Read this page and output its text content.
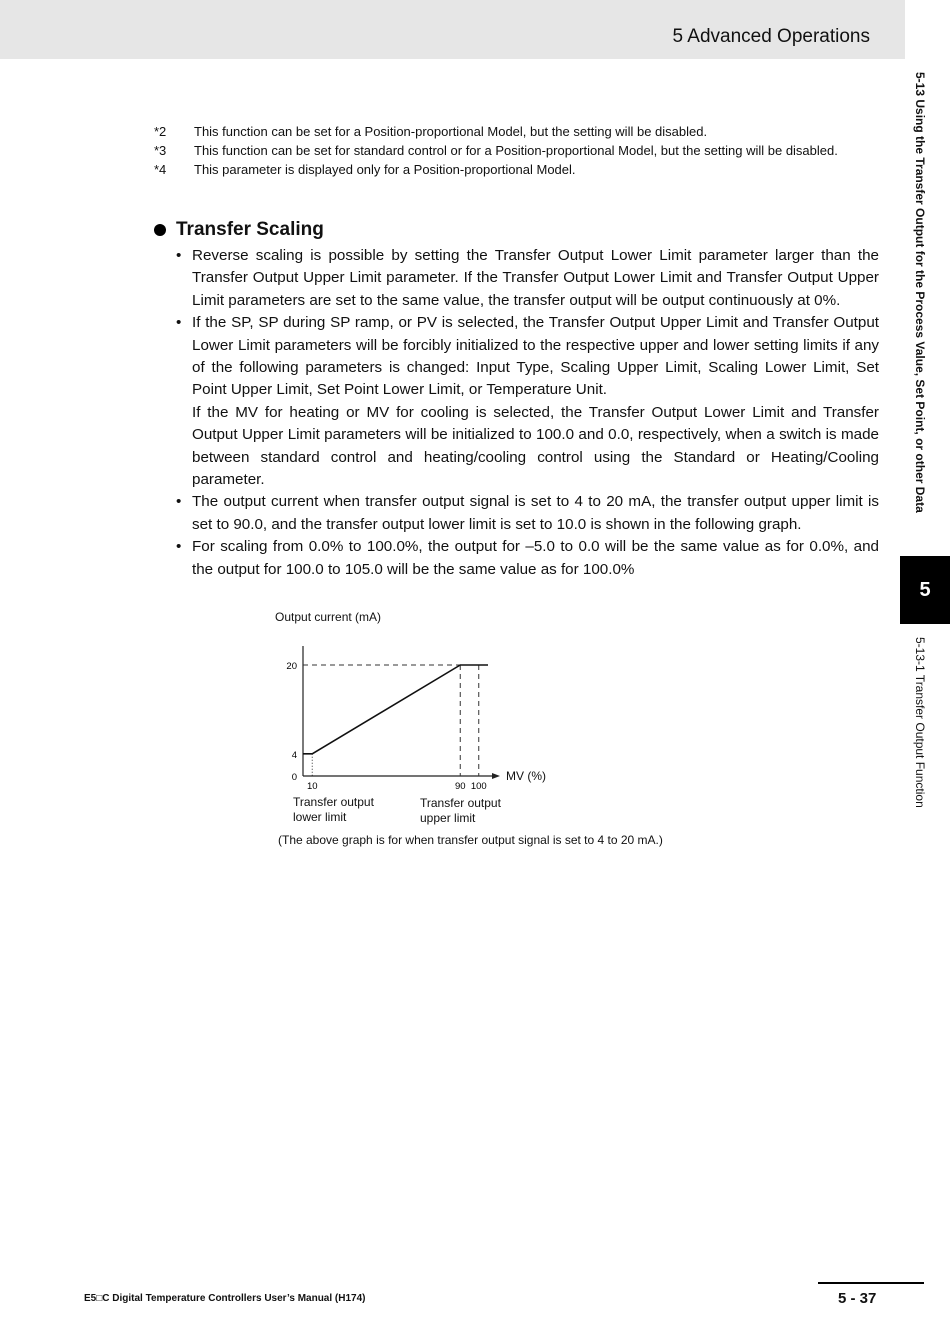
5 Advanced Operations
5-13 Using the Transfer Output for the Process Value, Set Point, or other Data
5
5-13-1 Transfer Output Function
*2	This function can be set for a Position-proportional Model, but the setting will be disabled.
*3	This function can be set for standard control or for a Position-proportional Model, but the setting will be disabled.
*4	This parameter is displayed only for a Position-proportional Model.
Transfer Scaling
• Reverse scaling is possible by setting the Transfer Output Lower Limit parameter larger than the Transfer Output Upper Limit parameter. If the Transfer Output Lower Limit and Transfer Output Upper Limit parameters are set to the same value, the transfer output will be output continuously at 0%.

• If the SP, SP during SP ramp, or PV is selected, the Transfer Output Upper Limit and Transfer Output Lower Limit parameters will be forcibly initialized to the respective upper and lower setting limits if any of the following parameters is changed: Input Type, Scaling Upper Limit, Scaling Lower Limit, Set Point Upper Limit, Set Point Lower Limit, or Temperature Unit.

If the MV for heating or MV for cooling is selected, the Transfer Output Lower Limit and Transfer Output Upper Limit parameters will be initialized to 100.0 and 0.0, respectively, when a switch is made between standard control and heating/cooling control using the Standard or Heating/Cooling parameter.

• The output current when transfer output signal is set to 4 to 20 mA, the transfer output upper limit is set to 90.0, and the transfer output lower limit is set to 10.0 is shown in the following graph.

• For scaling from 0.0% to 100.0%, the output for –5.0 to 0.0 will be the same value as for 0.0%, and the output for 100.0 to 105.0 will be the same value as for 100.0%

0
4
20
10	90 100
Output current (mA)
MV (%)
Transfer output
lower limit
Transfer output
upper limit
(The above graph is for when transfer output signal is set to 4 to 20 mA.)
E5□C Digital Temperature Controllers User’s Manual (H174)	5 - 37
